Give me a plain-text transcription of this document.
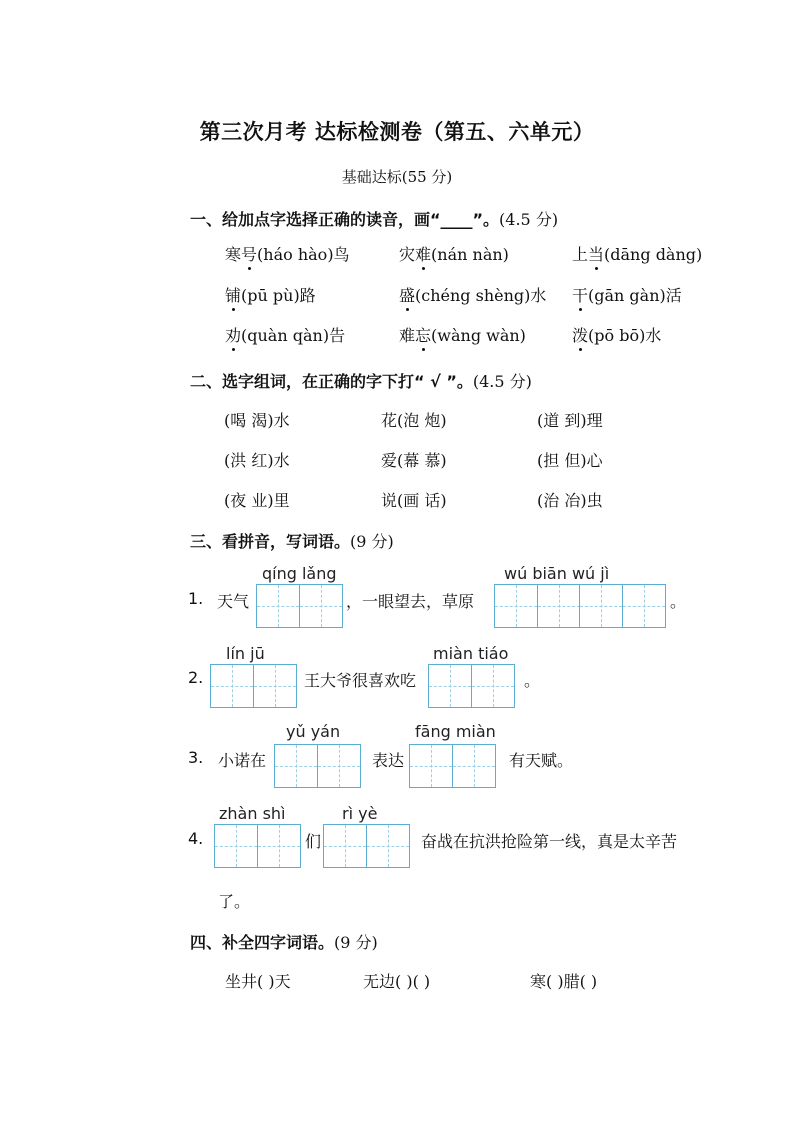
第三次月考 达标检测卷（第五、六单元）
基础达标(55 分)
一、给加点字选择正确的读音，画“____”。(4.5 分)
寒号(háo hào)鸟	灾难(nán nàn)	上当(dāng dàng)
铺(pū pù)路	盛(chéng shèng)水 干(gān gàn)活
劝(quàn qàn)告	难忘(wàng wàn)	泼(pō bō)水
二、选字组词，在正确的字下打“ √ ”。(4.5 分)
(喝 渴)水	花(泡 炮)	(道 到)理
(洪 红)水	爱(幕 慕)	(担 但)心
(夜 业)里	说(画 话)	(治 冶)虫
三、看拼音，写词语。(9 分)
qíng lǎng	wú biān wú jì
1. 天气	，一眼望去，草原	。
lín jū	miàn tiáo
2.	王大爷很喜欢吃	。
yǔ yán	fāng miàn
3. 小诺在	表达	有天赋。
zhàn shì	rì yè
4.	们	奋战在抗洪抢险第一线，真是太辛苦
了。
四、补全四字词语。(9 分)
坐井( )天	无边( )( )	寒( )腊( )
